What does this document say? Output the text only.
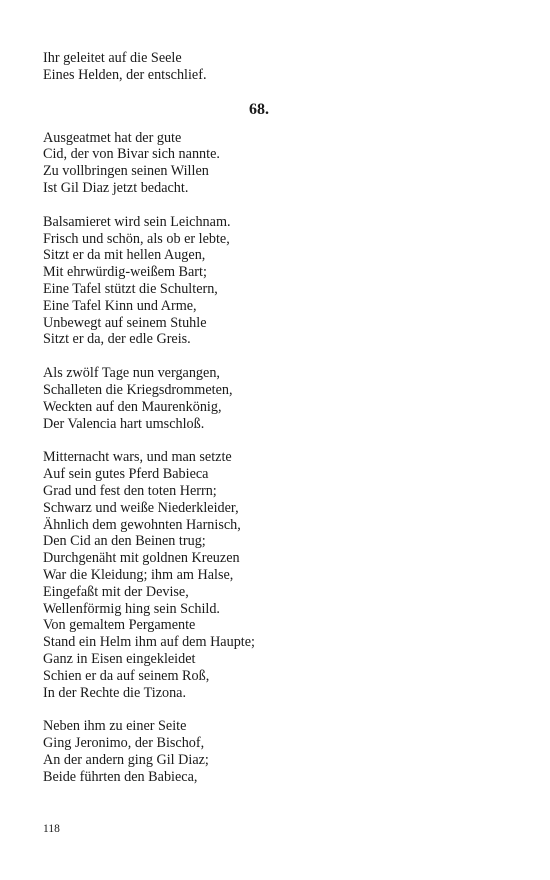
Ihr geleitet auf die Seele
Eines Helden, der entschlief.
68.
Ausgeatmet hat der gute
Cid, der von Bivar sich nannte.
Zu vollbringen seinen Willen
Ist Gil Diaz jetzt bedacht.
Balsamieret wird sein Leichnam.
Frisch und schön, als ob er lebte,
Sitzt er da mit hellen Augen,
Mit ehrwürdig-weißem Bart;
Eine Tafel stützt die Schultern,
Eine Tafel Kinn und Arme,
Unbewegt auf seinem Stuhle
Sitzt er da, der edle Greis.
Als zwölf Tage nun vergangen,
Schalleten die Kriegsdrommeten,
Weckten auf den Maurenkönig,
Der Valencia hart umschloß.
Mitternacht wars, und man setzte
Auf sein gutes Pferd Babieca
Grad und fest den toten Herrn;
Schwarz und weiße Niederkleider,
Ähnlich dem gewohnten Harnisch,
Den Cid an den Beinen trug;
Durchgenäht mit goldnen Kreuzen
War die Kleidung; ihm am Halse,
Eingefaßt mit der Devise,
Wellenförmig hing sein Schild.
Von gemaltem Pergamente
Stand ein Helm ihm auf dem Haupte;
Ganz in Eisen eingekleidet
Schien er da auf seinem Roß,
In der Rechte die Tizona.
Neben ihm zu einer Seite
Ging Jeronimo, der Bischof,
An der andern ging Gil Diaz;
Beide führten den Babieca,
118
